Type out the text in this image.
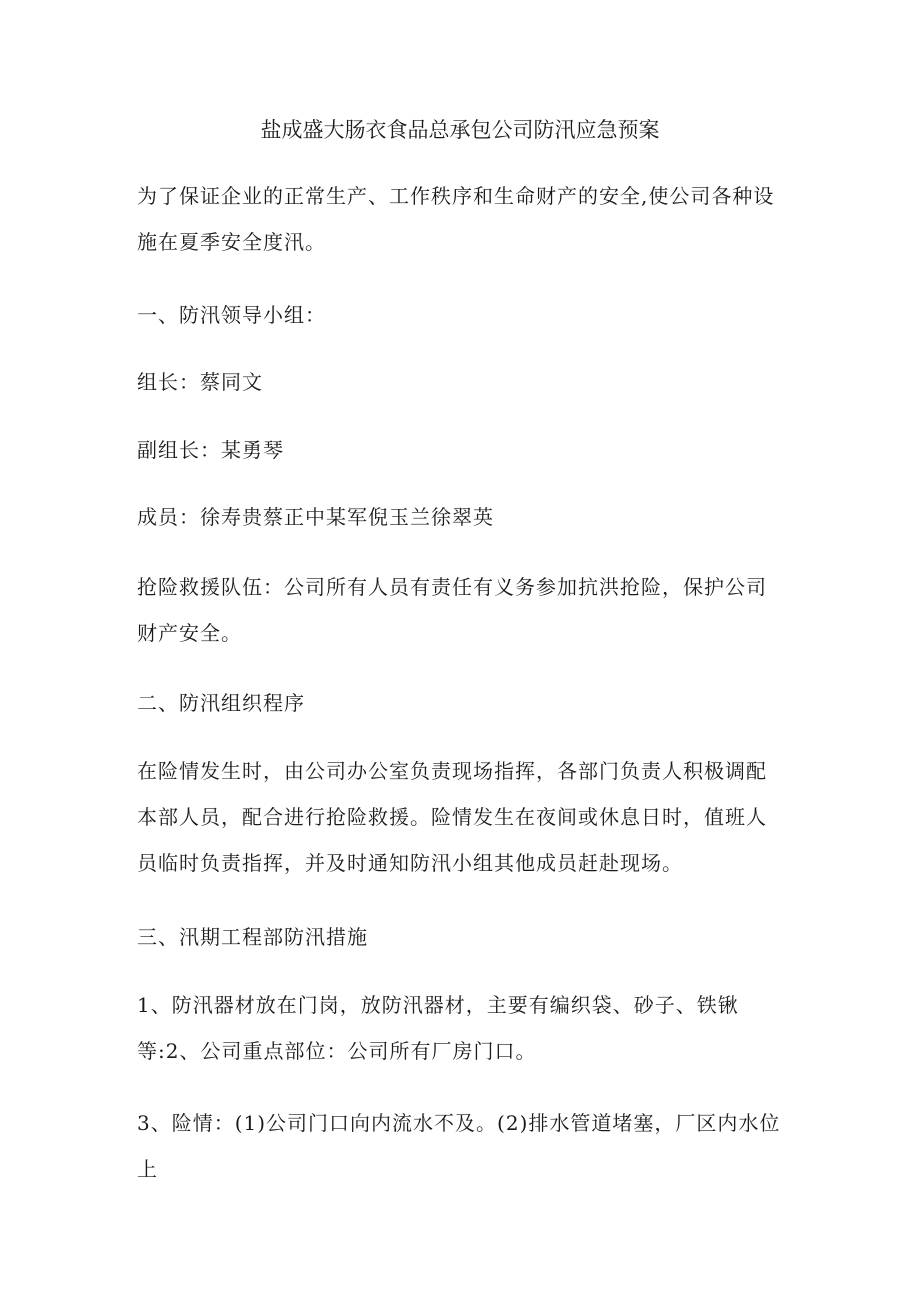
盐成盛大肠衣食品总承包公司防汛应急预案

为了保证企业的正常生产、工作秩序和生命财产的安全,使公司各种设施在夏季安全度汛。

一、防汛领导小组：

组长：蔡同文

副组长：某勇琴

成员：徐寿贵蔡正中某军倪玉兰徐翠英

抢险救援队伍：公司所有人员有责任有义务参加抗洪抢险，保护公司财产安全。

二、防汛组织程序

在险情发生时，由公司办公室负责现场指挥，各部门负责人积极调配本部人员，配合进行抢险救援。险情发生在夜间或休息日时，值班人员临时负责指挥，并及时通知防汛小组其他成员赶赴现场。

三、汛期工程部防汛措施

1、防汛器材放在门岗，放防汛器材，主要有编织袋、砂子、铁锹等:2、公司重点部位：公司所有厂房门口。

3、险情：(1)公司门口向内流水不及。(2)排水管道堵塞，厂区内水位上
